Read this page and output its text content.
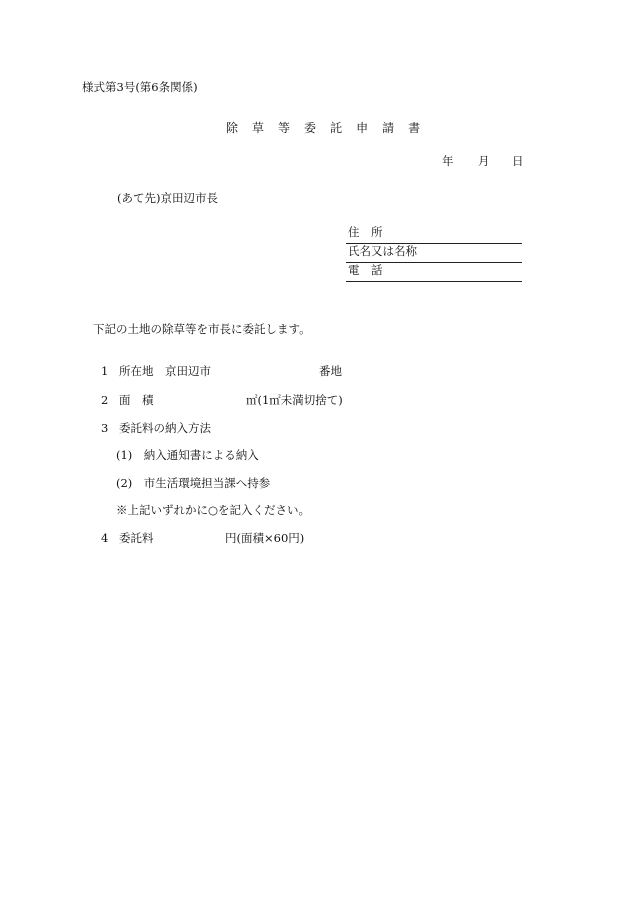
様式第3号(第6条関係)
除 草 等 委 託 申 請 書
年 月 日
(あて先)京田辺市長
住　所
氏名又は名称
電　話
下記の土地の除草等を市長に委託します。
1 所在地　京田辺市	番地
2 面　積	㎡(1㎡未満切捨て)
3 委託料の納入方法
(1)　納入通知書による納入
(2)　市生活環境担当課へ持参
※上記いずれかに○を記入ください。
4 委託料	円(面積×60円)
